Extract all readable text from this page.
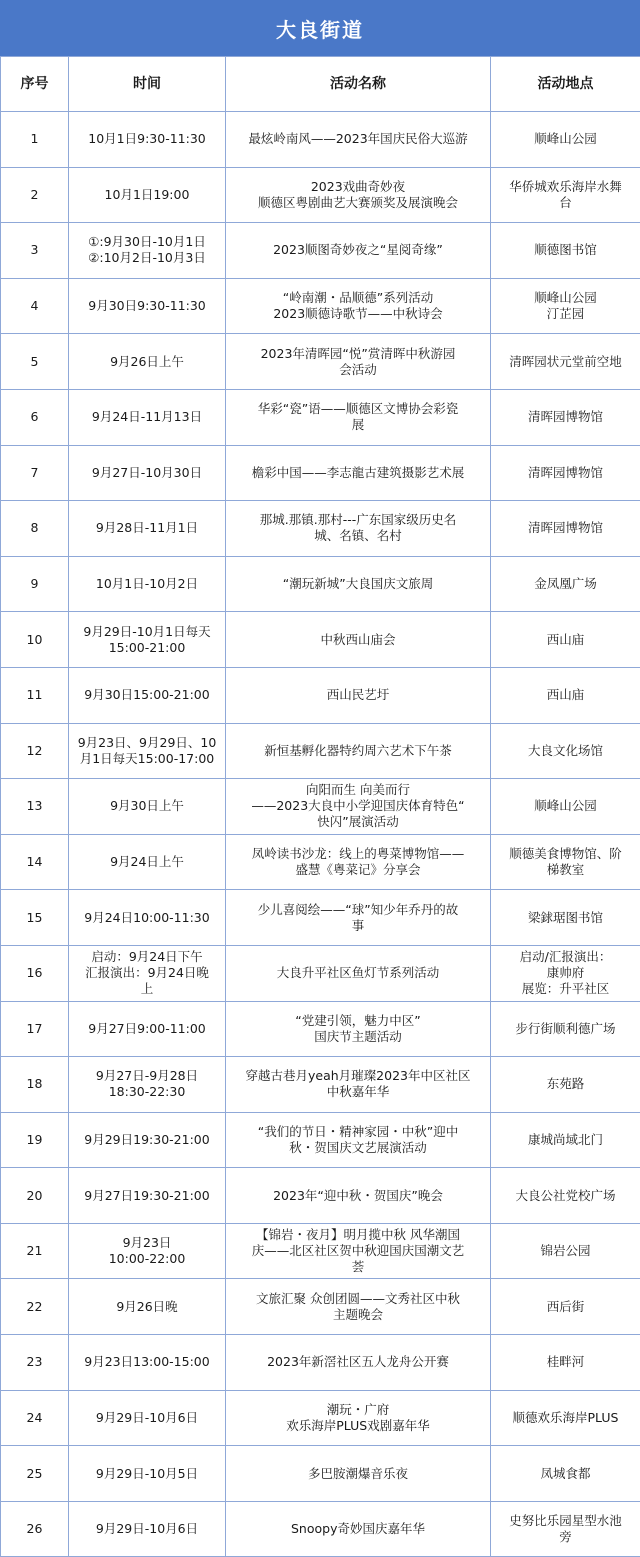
大良街道
序号	时间	活动名称	活动地点

1	10月1日9:30-11:30	最炫岭南风——2023年国庆民俗大巡游	顺峰山公园

2	10月1日19:00	2023戏曲奇妙夜
顺德区粤剧曲艺大赛颁奖及展演晚会	华侨城欢乐海岸水舞
台

3	①:9月30日-10月1日
②:10月2日-10月3日	2023顺图奇妙夜之“星阅奇缘”	顺德图书馆

4	9月30日9:30-11:30	“岭南潮・品顺德”系列活动
2023顺德诗歌节——中秋诗会	顺峰山公园
汀芷园

5	9月26日上午	2023年清晖园“悦”赏清晖中秋游园
会活动	清晖园状元堂前空地

6	9月24日-11月13日	华彩“瓷”语——顺德区文博协会彩瓷
展	清晖园博物馆

7	9月27日-10月30日	檐彩中国——李志龍古建筑摄影艺术展	清晖园博物馆

8	9月28日-11月1日	那城.那镇.那村---广东国家级历史名
城、名镇、名村	清晖园博物馆

9	10月1日-10月2日	“潮玩新城”大良国庆文旅周	金凤凰广场

10	9月29日-10月1日每天
15:00-21:00	中秋西山庙会	西山庙

11	9月30日15:00-21:00	西山民艺圩	西山庙

12	9月23日、9月29日、10
月1日每天15:00-17:00	新恒基孵化器特约周六艺术下午茶	大良文化场馆

13	9月30日上午	向阳而生 向美而行
——2023大良中小学迎国庆体育特色“
快闪”展演活动	顺峰山公园

14	9月24日上午	凤岭读书沙龙：线上的粤菜博物馆——
盛慧《粤菜记》分享会	顺德美食博物馆、阶
梯教室

15	9月24日10:00-11:30	少儿喜阅绘——“球”知少年乔丹的故
事	梁銶琚图书馆

16	启动：9月24日下午
汇报演出：9月24日晚
上	大良升平社区鱼灯节系列活动	启动/汇报演出：
康帅府
展览：升平社区

17	9月27日9:00-11:00	“党建引领，魅力中区”
国庆节主题活动	步行街顺利德广场

18	9月27日-9月28日
18:30-22:30	穿越古巷月yeah月璀璨2023年中区社区
中秋嘉年华	东苑路

19	9月29日19:30-21:00	“我们的节日・精神家园・中秋”迎中
秋・贺国庆文艺展演活动	康城尚域北门

20	9月27日19:30-21:00	2023年“迎中秋・贺国庆”晚会	大良公社党校广场

21	9月23日
10:00-22:00	【锦岩・夜月】明月揽中秋 风华潮国
庆——北区社区贺中秋迎国庆国潮文艺
荟	锦岩公园

22	9月26日晚	文旅汇聚 众创团圆——文秀社区中秋
主题晚会	西后街

23	9月23日13:00-15:00	2023年新滘社区五人龙舟公开赛	桂畔河

24	9月29日-10月6日	潮玩・广府
欢乐海岸PLUS戏剧嘉年华	顺德欢乐海岸PLUS

25	9月29日-10月5日	多巴胺潮爆音乐夜	凤城食都

26	9月29日-10月6日	Snoopy奇妙国庆嘉年华	史努比乐园星型水池
旁
